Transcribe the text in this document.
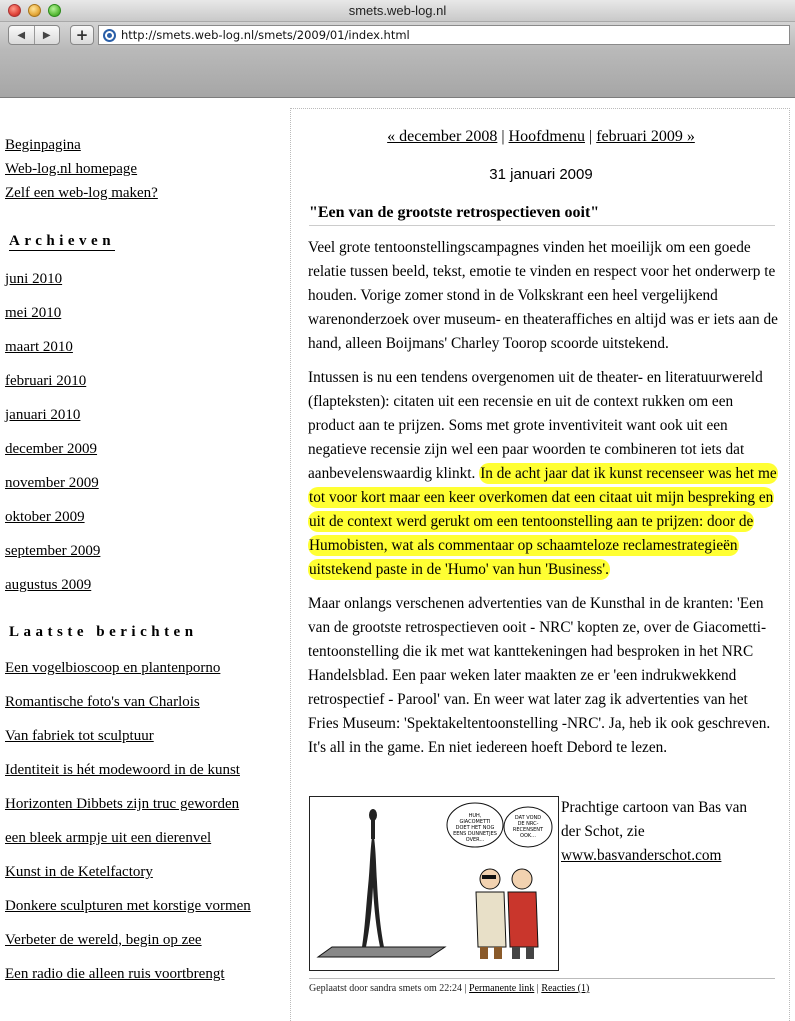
smets.web-log.nl
◀	▶	+	http://smets.web-log.nl/smets/2009/01/index.html
Beginpagina
Web-log.nl homepage
Zelf een web-log maken?
Archieven
juni 2010
mei 2010
maart 2010
februari 2010
januari 2010
december 2009
november 2009
oktober 2009
september 2009
augustus 2009
Laatste berichten
Een vogelbioscoop en plantenporno
Romantische foto's van Charlois
Van fabriek tot sculptuur
Identiteit is hét modewoord in de kunst
Horizonten Dibbets zijn truc geworden
een bleek armpje uit een dierenvel
Kunst in de Ketelfactory
Donkere sculpturen met korstige vormen
Verbeter de wereld, begin op zee
Een radio die alleen ruis voortbrengt
« december 2008 | Hoofdmenu | februari 2009 »
31 januari 2009
"Een van de grootste retrospectieven ooit"

Veel grote tentoonstellingscampagnes vinden het moeilijk om een goede relatie tussen beeld, tekst, emotie te vinden en respect voor het onderwerp te houden. Vorige zomer stond in de Volkskrant een heel vergelijkend warenonderzoek over museum- en theateraffiches en altijd was er iets aan de hand, alleen Boijmans' Charley Toorop scoorde uitstekend.

Intussen is nu een tendens overgenomen uit de theater- en literatuurwereld (flapteksten): citaten uit een recensie en uit de context rukken om een product aan te prijzen. Soms met grote inventiviteit want ook uit een negatieve recensie zijn wel een paar woorden te combineren tot iets dat aanbevelenswaardig klinkt. In de acht jaar dat ik kunst recenseer was het me tot voor kort maar een keer overkomen dat een citaat uit mijn bespreking en uit de context werd gerukt om een tentoonstelling aan te prijzen: door de Humobisten, wat als commentaar op schaamteloze reclamestrategieën uitstekend paste in de 'Humo' van hun 'Business'.

Maar onlangs verschenen advertenties van de Kunsthal in de kranten: 'Een van de grootste retrospectieven ooit - NRC' kopten ze, over de Giacometti-tentoonstelling die ik met wat kanttekeningen had besproken in het NRC Handelsblad. Een paar weken later maakten ze er 'een indrukwekkend retrospectief - Parool' van. En weer wat later zag ik advertenties van het Fries Museum: 'Spektakeltentoonstelling -NRC'. Ja, heb ik ook geschreven. It's all in the game. En niet iedereen hoeft Debord te lezen.

HUH, GIACOMETTI DOET HET NOG EENS DUNNETJES OVER...
DAT VOND DE NRC-RECENSENT OOK...
Prachtige cartoon van Bas van der Schot, zie
www.basvanderschot.com
Geplaatst door sandra smets om 22:24 | Permanente link | Reacties (1)
